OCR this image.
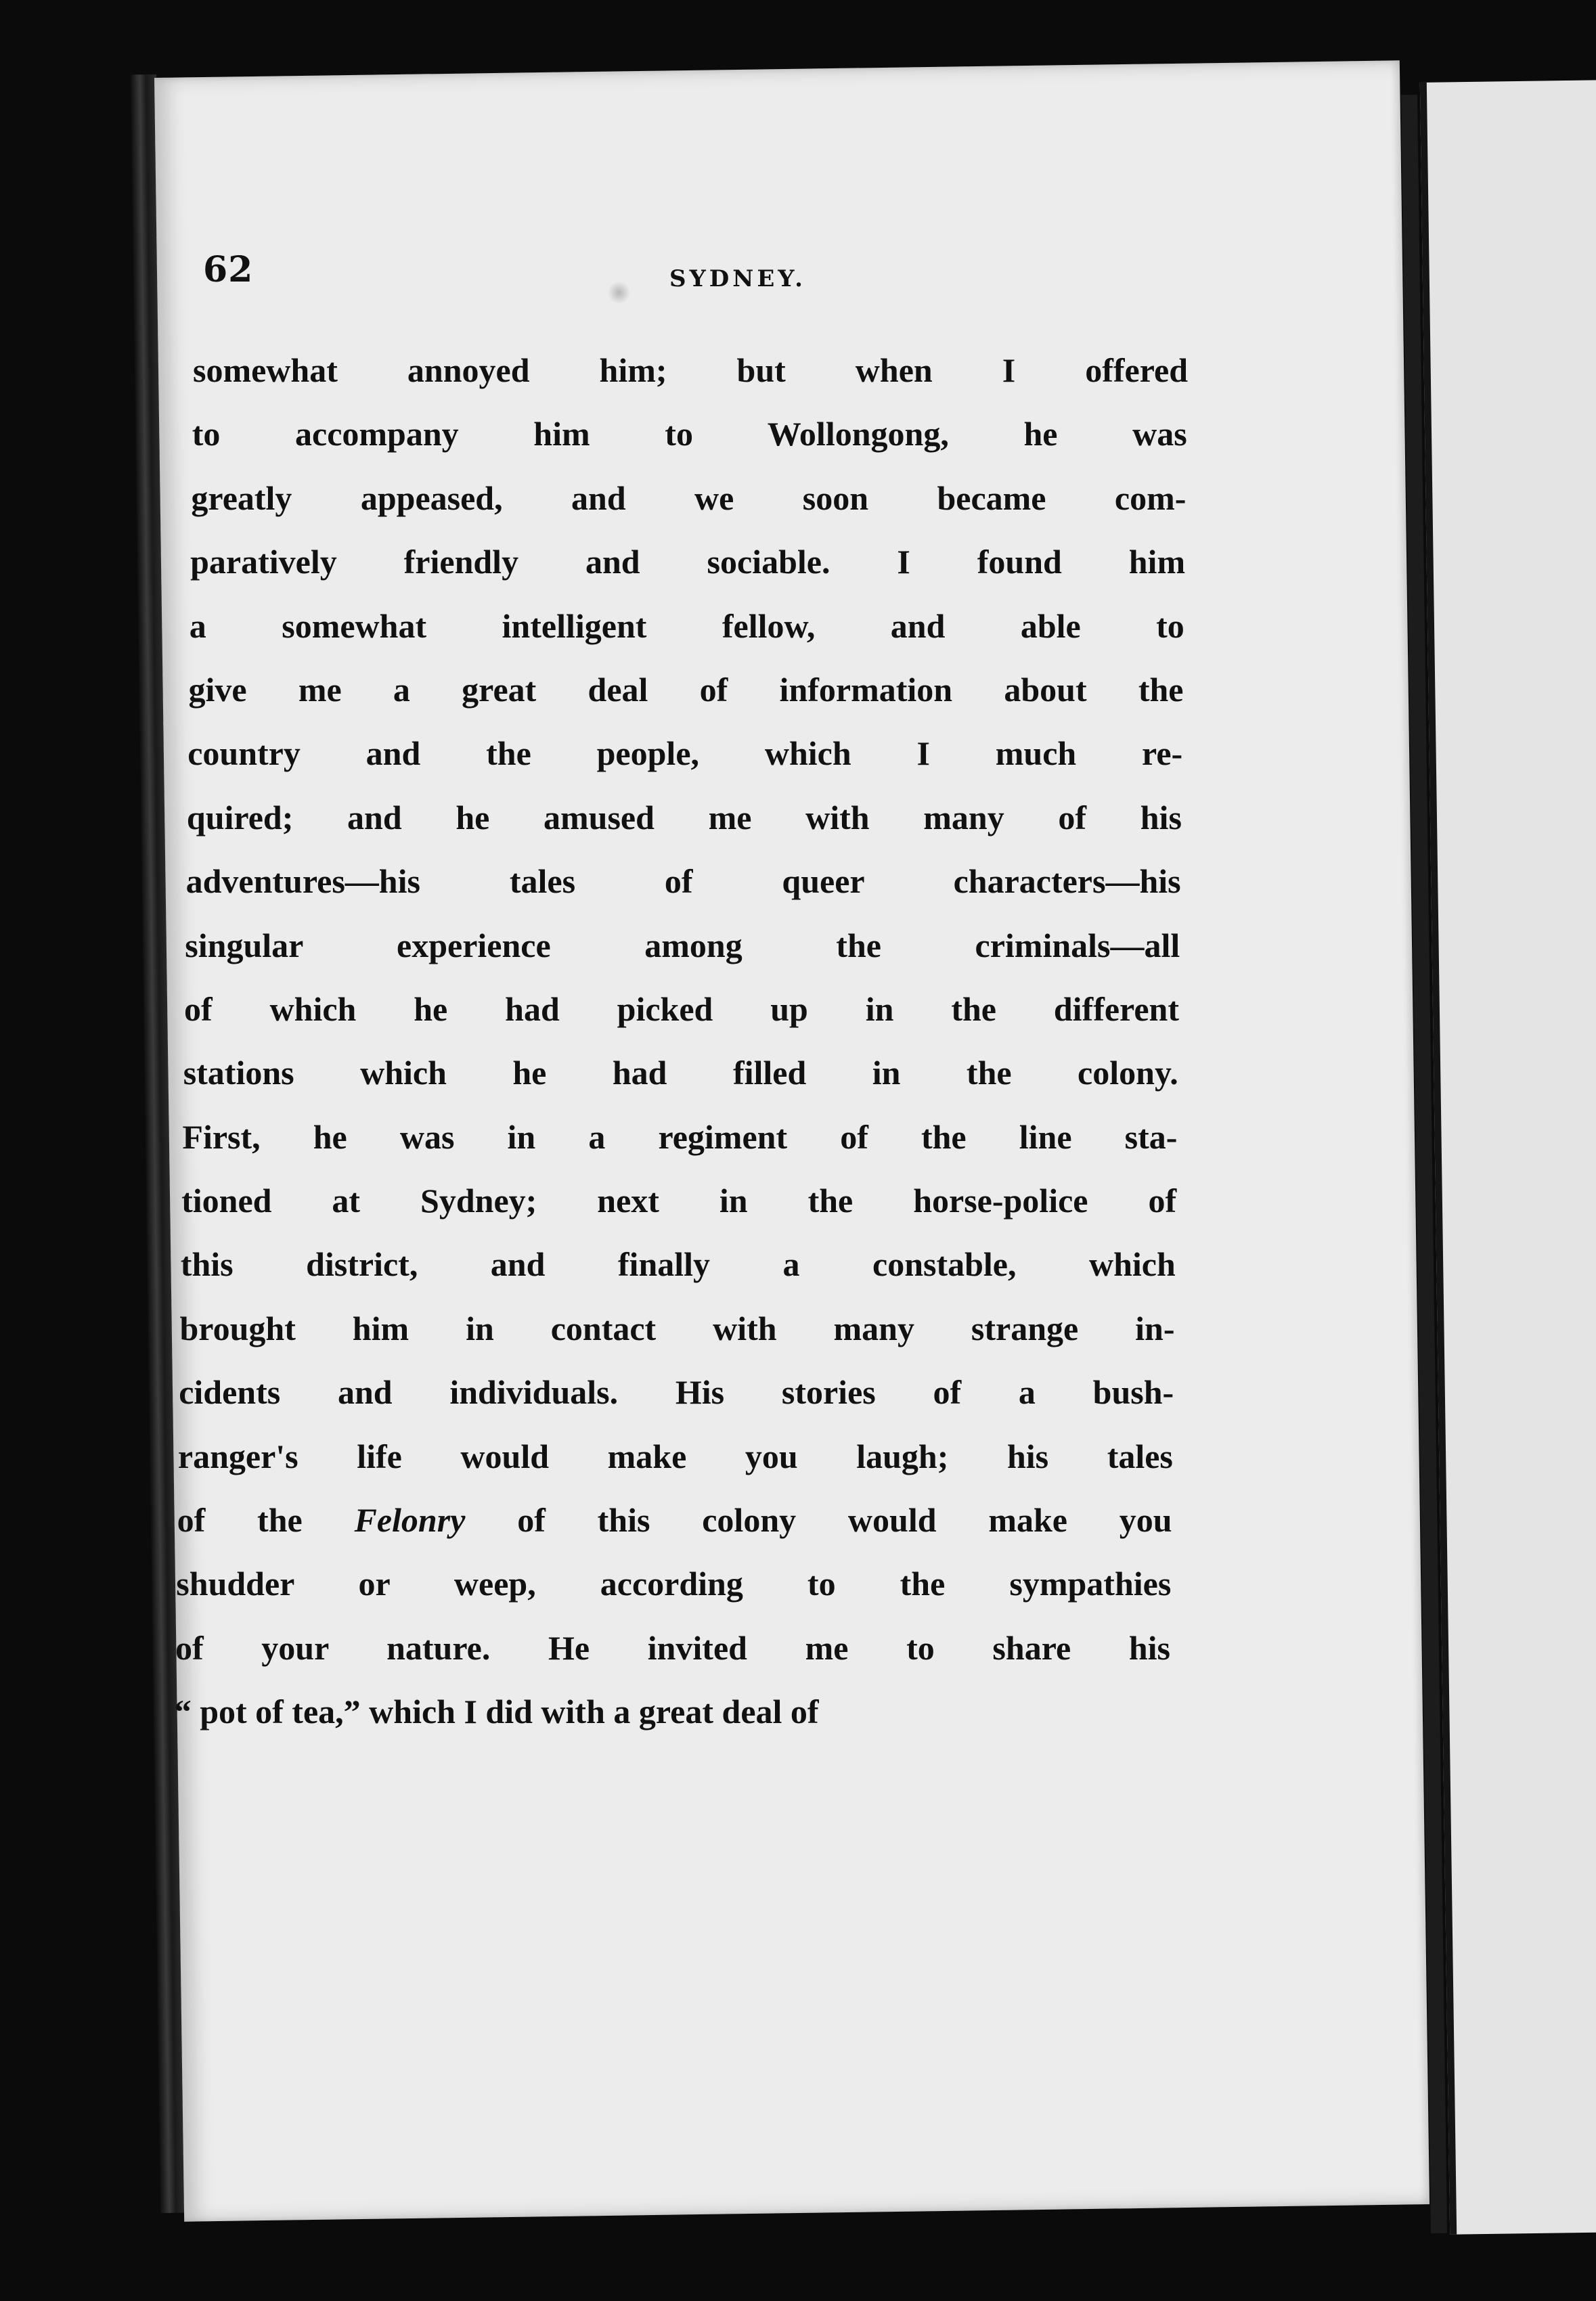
62	SYDNEY.
somewhat annoyed him; but when I offered
to accompany him to Wollongong, he was
greatly appeased, and we soon became com-
paratively friendly and sociable. I found him
a somewhat intelligent fellow, and able to
give me a great deal of information about the
country and the people, which I much re-
quired; and he amused me with many of his
adventures—his tales of queer characters—his
singular experience among the criminals—all
of which he had picked up in the different
stations which he had filled in the colony.
First, he was in a regiment of the line sta-
tioned at Sydney; next in the horse-police of
this district, and finally a constable, which
brought him in contact with many strange in-
cidents and individuals. His stories of a bush-
ranger's life would make you laugh; his tales
of the Felonry of this colony would make you
shudder or weep, according to the sympathies
of your nature. He invited me to share his
“ pot of tea,” which I did with a great deal of
